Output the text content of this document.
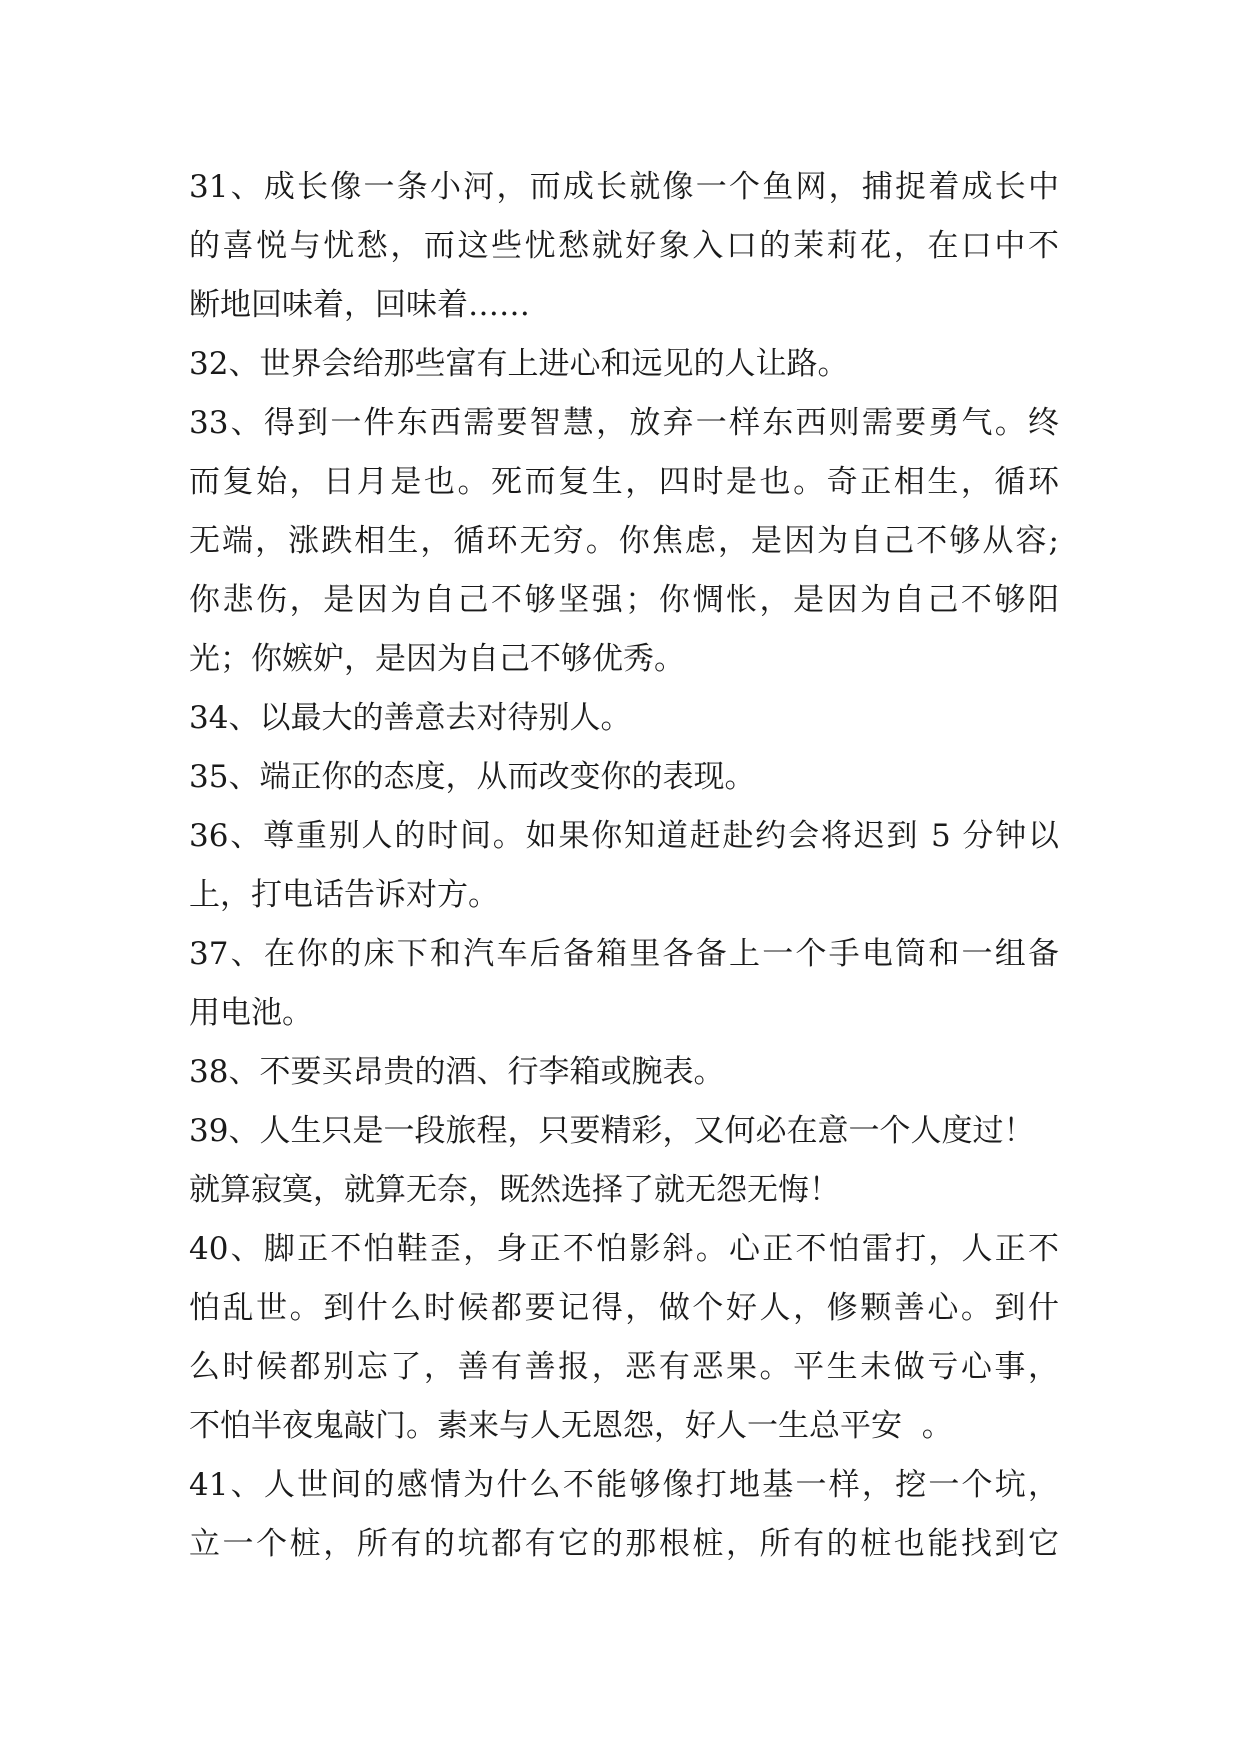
31、成长像一条小河，而成长就像一个鱼网，捕捉着成长中
的喜悦与忧愁，而这些忧愁就好象入口的茉莉花，在口中不
断地回味着，回味着……
32、世界会给那些富有上进心和远见的人让路。
33、得到一件东西需要智慧，放弃一样东西则需要勇气。终
而复始，日月是也。死而复生，四时是也。奇正相生，循环
无端，涨跌相生，循环无穷。你焦虑，是因为自己不够从容;
你悲伤，是因为自己不够坚强；你惆怅，是因为自己不够阳
光；你嫉妒，是因为自己不够优秀。
34、以最大的善意去对待别人。
35、端正你的态度，从而改变你的表现。
36、尊重别人的时间。如果你知道赶赴约会将迟到 5 分钟以
上，打电话告诉对方。
37、在你的床下和汽车后备箱里各备上一个手电筒和一组备
用电池。
38、不要买昂贵的酒、行李箱或腕表。
39、人生只是一段旅程，只要精彩，又何必在意一个人度过！
就算寂寞，就算无奈，既然选择了就无怨无悔！
40、脚正不怕鞋歪，身正不怕影斜。心正不怕雷打，人正不
怕乱世。到什么时候都要记得，做个好人，修颗善心。到什
么时候都别忘了，善有善报，恶有恶果。平生未做亏心事，
不怕半夜鬼敲门。素来与人无恩怨，好人一生总平安  。
41、人世间的感情为什么不能够像打地基一样，挖一个坑，
立一个桩，所有的坑都有它的那根桩，所有的桩也能找到它
